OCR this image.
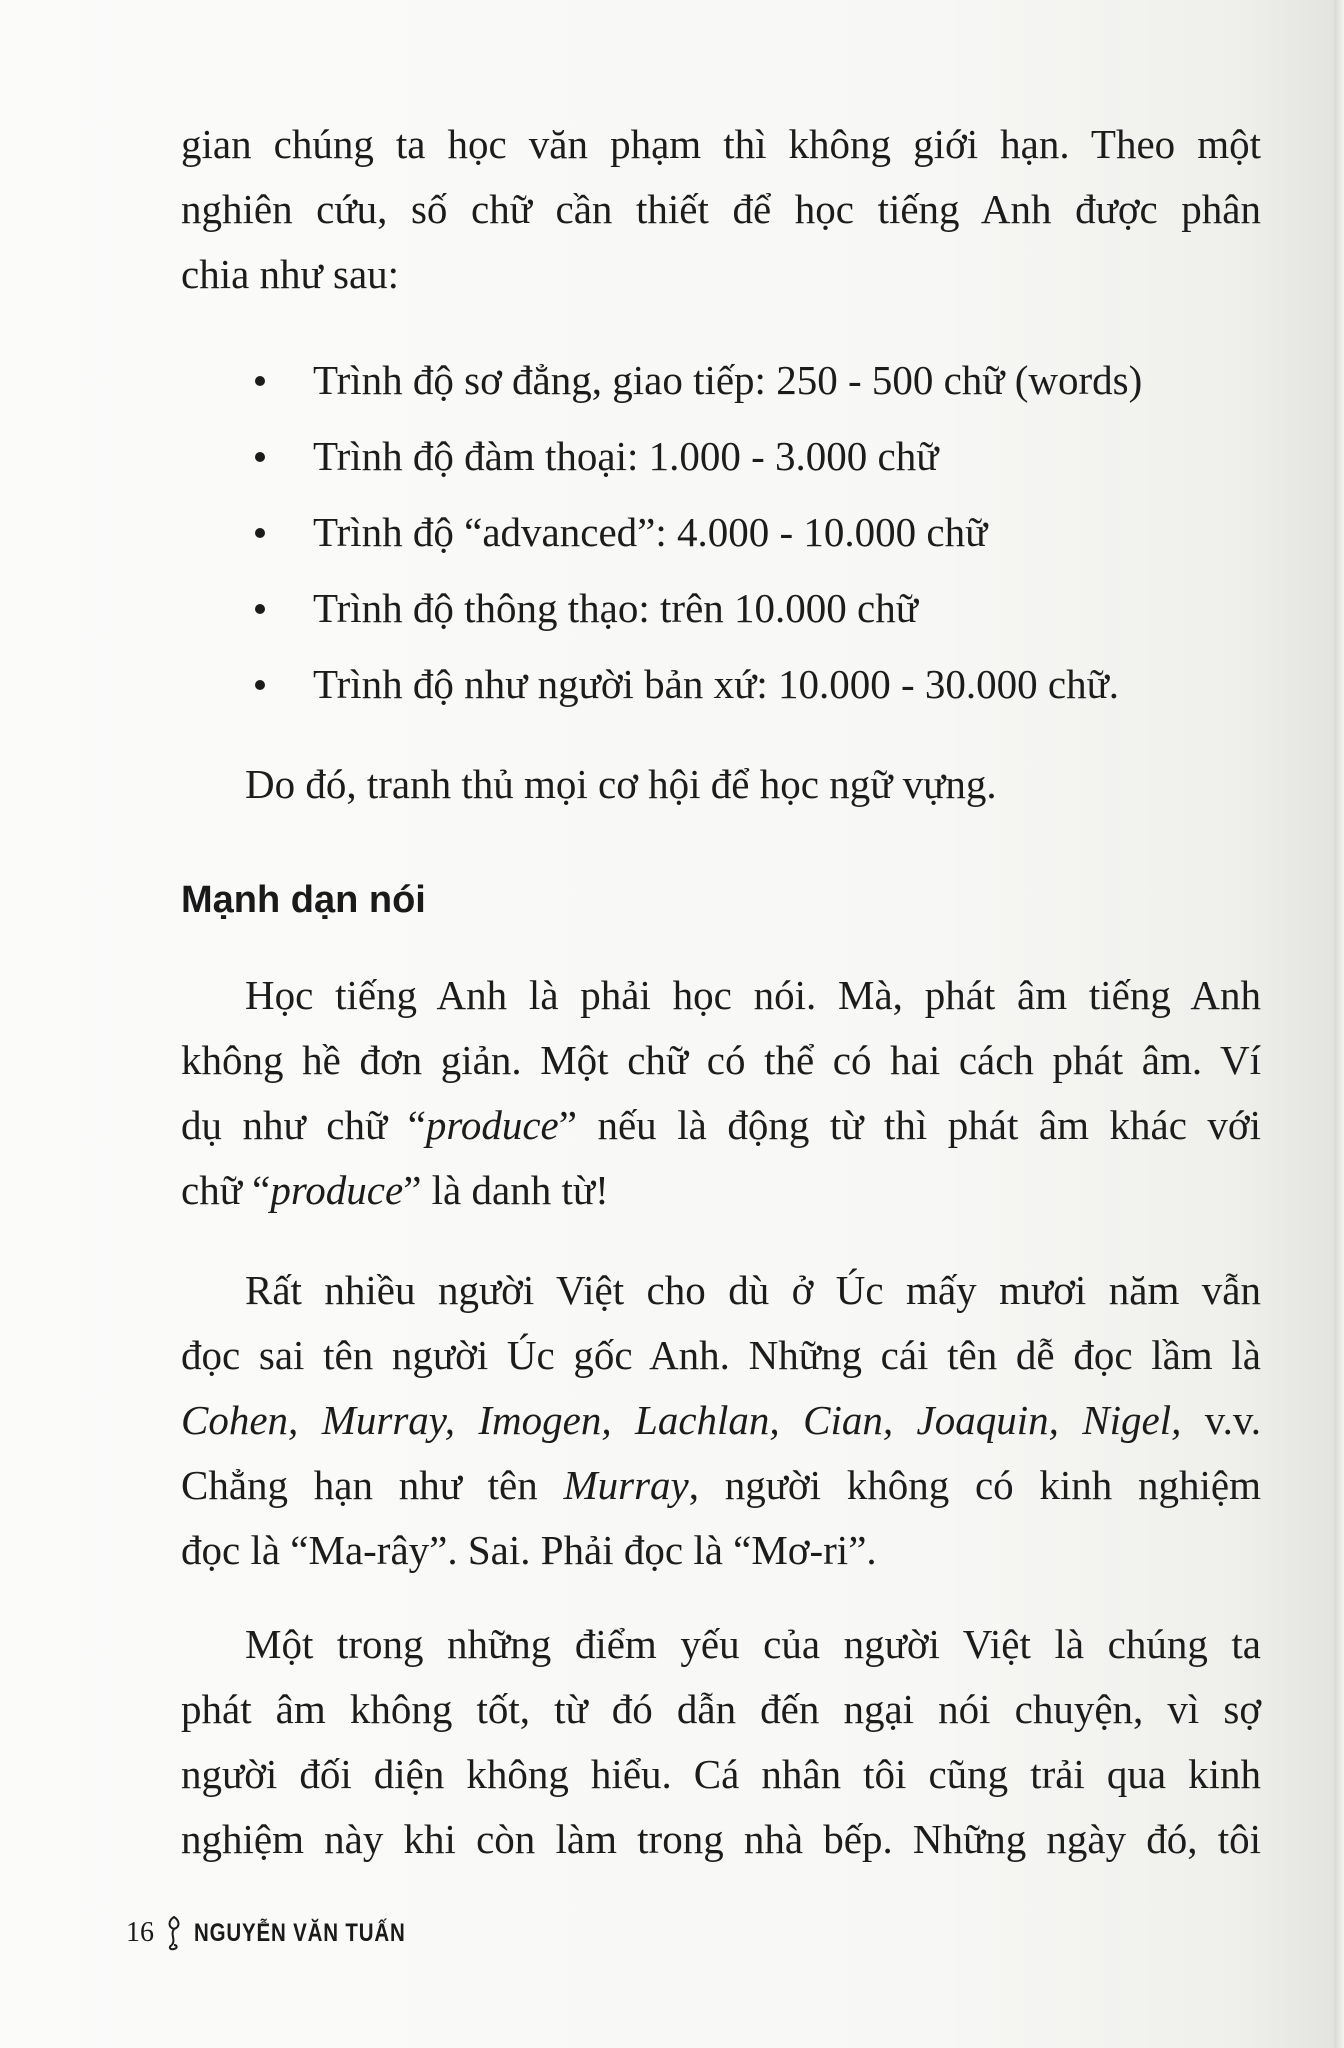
gian chúng ta học văn phạm thì không giới hạn. Theo một
nghiên cứu, số chữ cần thiết để học tiếng Anh được phân
chia như sau:
Trình độ sơ đẳng, giao tiếp: 250 - 500 chữ (words)
Trình độ đàm thoại: 1.000 - 3.000 chữ
Trình độ “advanced”: 4.000 - 10.000 chữ
Trình độ thông thạo: trên 10.000 chữ
Trình độ như người bản xứ: 10.000 - 30.000 chữ.
Do đó, tranh thủ mọi cơ hội để học ngữ vựng.
Mạnh dạn nói
Học tiếng Anh là phải học nói. Mà, phát âm tiếng Anh
không hề đơn giản. Một chữ có thể có hai cách phát âm. Ví
dụ như chữ “produce” nếu là động từ thì phát âm khác với
chữ “produce” là danh từ!
Rất nhiều người Việt cho dù ở Úc mấy mươi năm vẫn
đọc sai tên người Úc gốc Anh. Những cái tên dễ đọc lầm là
Cohen, Murray, Imogen, Lachlan, Cian, Joaquin, Nigel, v.v.
Chẳng hạn như tên Murray, người không có kinh nghiệm
đọc là “Ma-rây”. Sai. Phải đọc là “Mơ-ri”.
Một trong những điểm yếu của người Việt là chúng ta
phát âm không tốt, từ đó dẫn đến ngại nói chuyện, vì sợ
người đối diện không hiểu. Cá nhân tôi cũng trải qua kinh
nghiệm này khi còn làm trong nhà bếp. Những ngày đó, tôi
16 NGUYỄN VĂN TUẤN
